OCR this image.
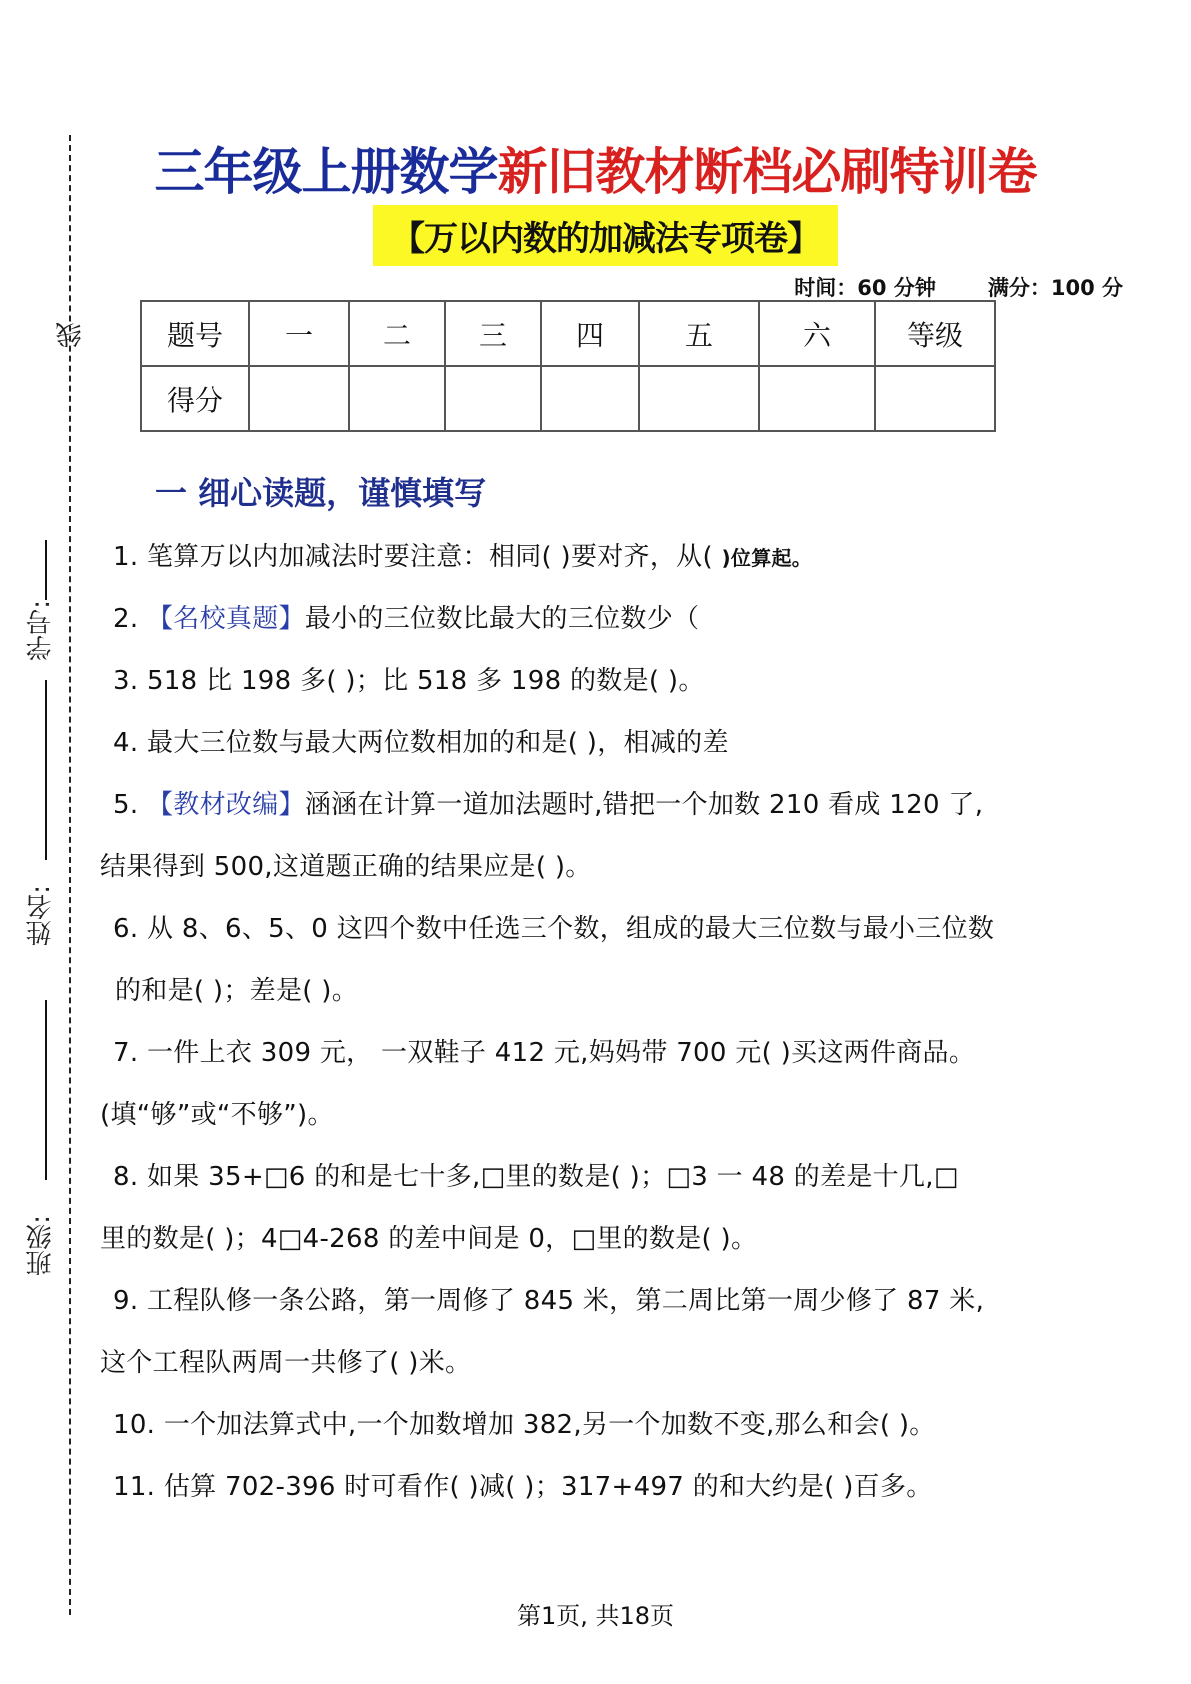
线
学号:
姓名:
班级:
三年级上册数学新旧教材断档必刷特训卷
【万以内数的加减法专项卷】
时间：60 分钟 满分：100 分
题号	一	二	三	四	五	六	等级
得分							
一 细心读题，谨慎填写
1. 笔算万以内加减法时要注意：相同( )要对齐，从( )位算起。
2. 【名校真题】最小的三位数比最大的三位数少（
3. 518 比 198 多( )；比 518 多 198 的数是( )。
4. 最大三位数与最大两位数相加的和是( )，相减的差
5. 【教材改编】涵涵在计算一道加法题时,错把一个加数 210 看成 120 了,
结果得到 500,这道题正确的结果应是( )。
6. 从 8、6、5、0 这四个数中任选三个数，组成的最大三位数与最小三位数
的和是( )；差是( )。
7. 一件上衣 309 元， 一双鞋子 412 元,妈妈带 700 元( )买这两件商品。
(填“够”或“不够”)。
8. 如果 35+□6 的和是七十多,□里的数是( )；□3 一 48 的差是十几,□
里的数是( )；4□4-268 的差中间是 0，□里的数是( )。
9. 工程队修一条公路，第一周修了 845 米，第二周比第一周少修了 87 米,
这个工程队两周一共修了( )米。
10. 一个加法算式中,一个加数增加 382,另一个加数不变,那么和会( )。
11. 估算 702-396 时可看作( )减( )；317+497 的和大约是( )百多。
第1页, 共18页
